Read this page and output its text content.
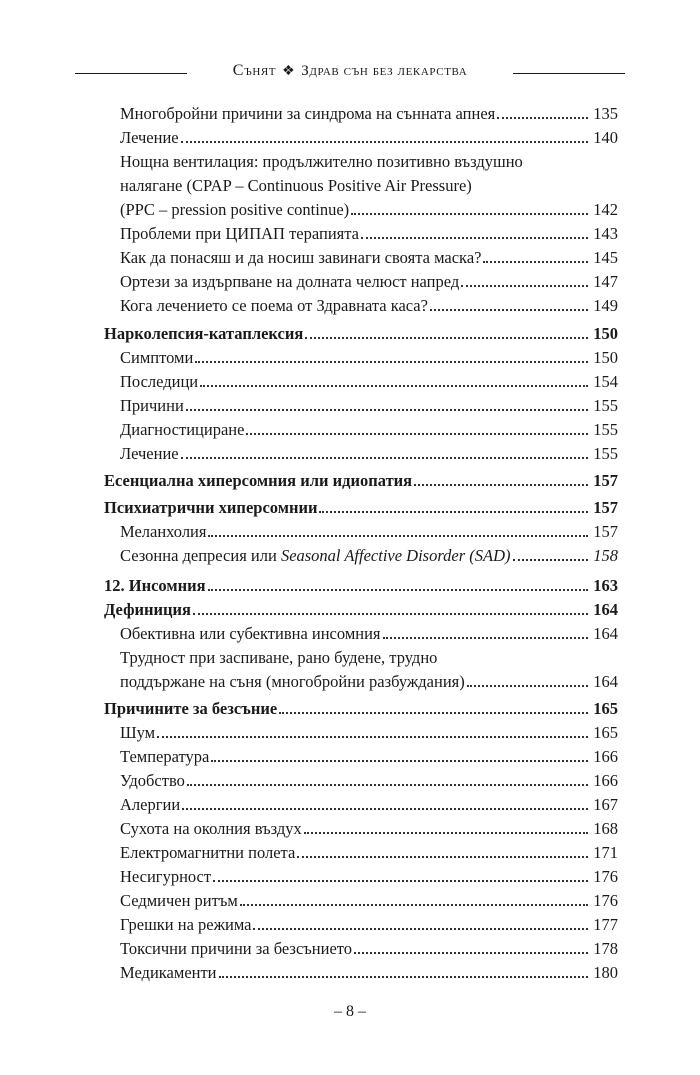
Сънят ❖ Здрав сън без лекарства
Многобройни причини за синдрома на сънната апнея	135
Лечение	140
Нощна вентилация: продължително позитивно въздушно
налягане (CPAP – Continuous Positive Air Pressure)
(PPC – pression positive continue)	142
Проблеми при ЦИПАП терапията	143
Как да понасяш и да носиш завинаги своята маска?	145
Ортези за издърпване на долната челюст напред	147
Кога лечението се поема от Здравната каса?	149
Нарколепсия-катаплексия	150
Симптоми	150
Последици	154
Причини	155
Диагностициране	155
Лечение	155
Есенциална хиперсомния или идиопатия	157
Психиатрични хиперсомнии	157
Меланхолия	157
Сезонна депресия или Seasonal Affective Disorder (SAD)	158
12. Инсомния	163
Дефиниция	164
Обективна или субективна инсомния	164
Трудност при заспиване, рано будене, трудно
поддържане на съня (многобройни разбуждания)	164
Причините за безсъние	165
Шум	165
Температура	166
Удобство	166
Алергии	167
Сухота на околния въздух	168
Електромагнитни полета	171
Несигурност	176
Седмичен ритъм	176
Грешки на режима	177
Токсични причини за безсънието	178
Медикаменти	180
– 8 –
